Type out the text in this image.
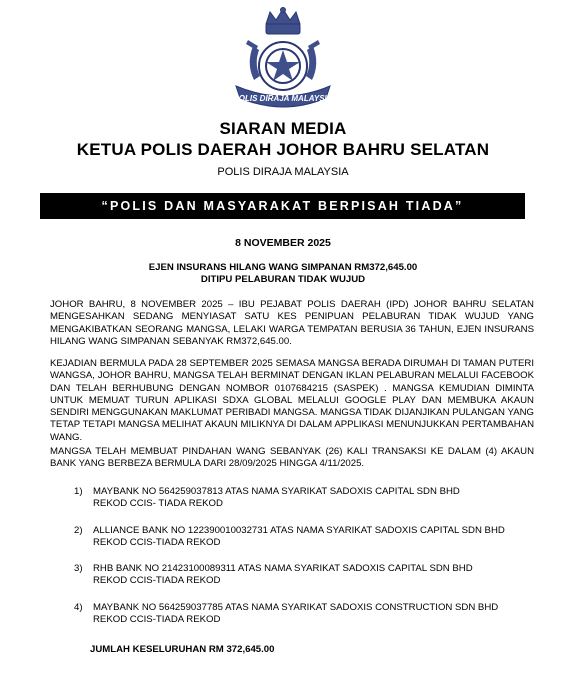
POLIS DIRAJA MALAYSIA
SIARAN MEDIA
KETUA POLIS DAERAH JOHOR BAHRU SELATAN
POLIS DIRAJA MALAYSIA
“POLIS DAN MASYARAKAT BERPISAH TIADA”
8 NOVEMBER 2025
EJEN INSURANS HILANG WANG SIMPANAN RM372,645.00
DITIPU PELABURAN TIDAK WUJUD
JOHOR BAHRU, 8 NOVEMBER 2025 – IBU PEJABAT POLIS DAERAH (IPD) JOHOR BAHRU SELATAN MENGESAHKAN SEDANG MENYIASAT SATU KES PENIPUAN PELABURAN TIDAK WUJUD YANG MENGAKIBATKAN SEORANG MANGSA, LELAKI WARGA TEMPATAN BERUSIA 36 TAHUN, EJEN INSURANS HILANG WANG SIMPANAN SEBANYAK RM372,645.00.
KEJADIAN BERMULA PADA 28 SEPTEMBER 2025 SEMASA MANGSA BERADA DIRUMAH DI TAMAN PUTERI WANGSA, JOHOR BAHRU, MANGSA TELAH BERMINAT DENGAN IKLAN PELABURAN MELALUI FACEBOOK DAN TELAH BERHUBUNG DENGAN NOMBOR 0107684215 (SASPEK) . MANGSA KEMUDIAN DIMINTA UNTUK MEMUAT TURUN APLIKASI SDXA GLOBAL MELALUI GOOGLE PLAY DAN MEMBUKA AKAUN SENDIRI MENGGUNAKAN MAKLUMAT PERIBADI MANGSA. MANGSA TIDAK DIJANJIKAN PULANGAN YANG TETAP TETAPI MANGSA MELIHAT AKAUN MILIKNYA DI DALAM APPLIKASI MENUNJUKKAN PERTAMBAHAN WANG.
MANGSA TELAH MEMBUAT PINDAHAN WANG SEBANYAK (26) KALI TRANSAKSI KE DALAM (4) AKAUN BANK YANG BERBEZA BERMULA DARI 28/09/2025 HINGGA 4/11/2025.
1)	MAYBANK NO 564259037813 ATAS NAMA SYARIKAT SADOXIS CAPITAL SDN BHD
REKOD CCIS- TIADA REKOD
2)	ALLIANCE BANK NO 122390010032731 ATAS NAMA SYARIKAT SADOXIS CAPITAL SDN BHD
REKOD CCIS-TIADA REKOD
3)	RHB BANK NO 21423100089311 ATAS NAMA SYARIKAT SADOXIS CAPITAL SDN BHD
REKOD CCIS-TIADA REKOD
4)	MAYBANK NO 564259037785 ATAS NAMA SYARIKAT SADOXIS CONSTRUCTION SDN BHD
REKOD CCIS-TIADA REKOD
JUMLAH KESELURUHAN RM 372,645.00
